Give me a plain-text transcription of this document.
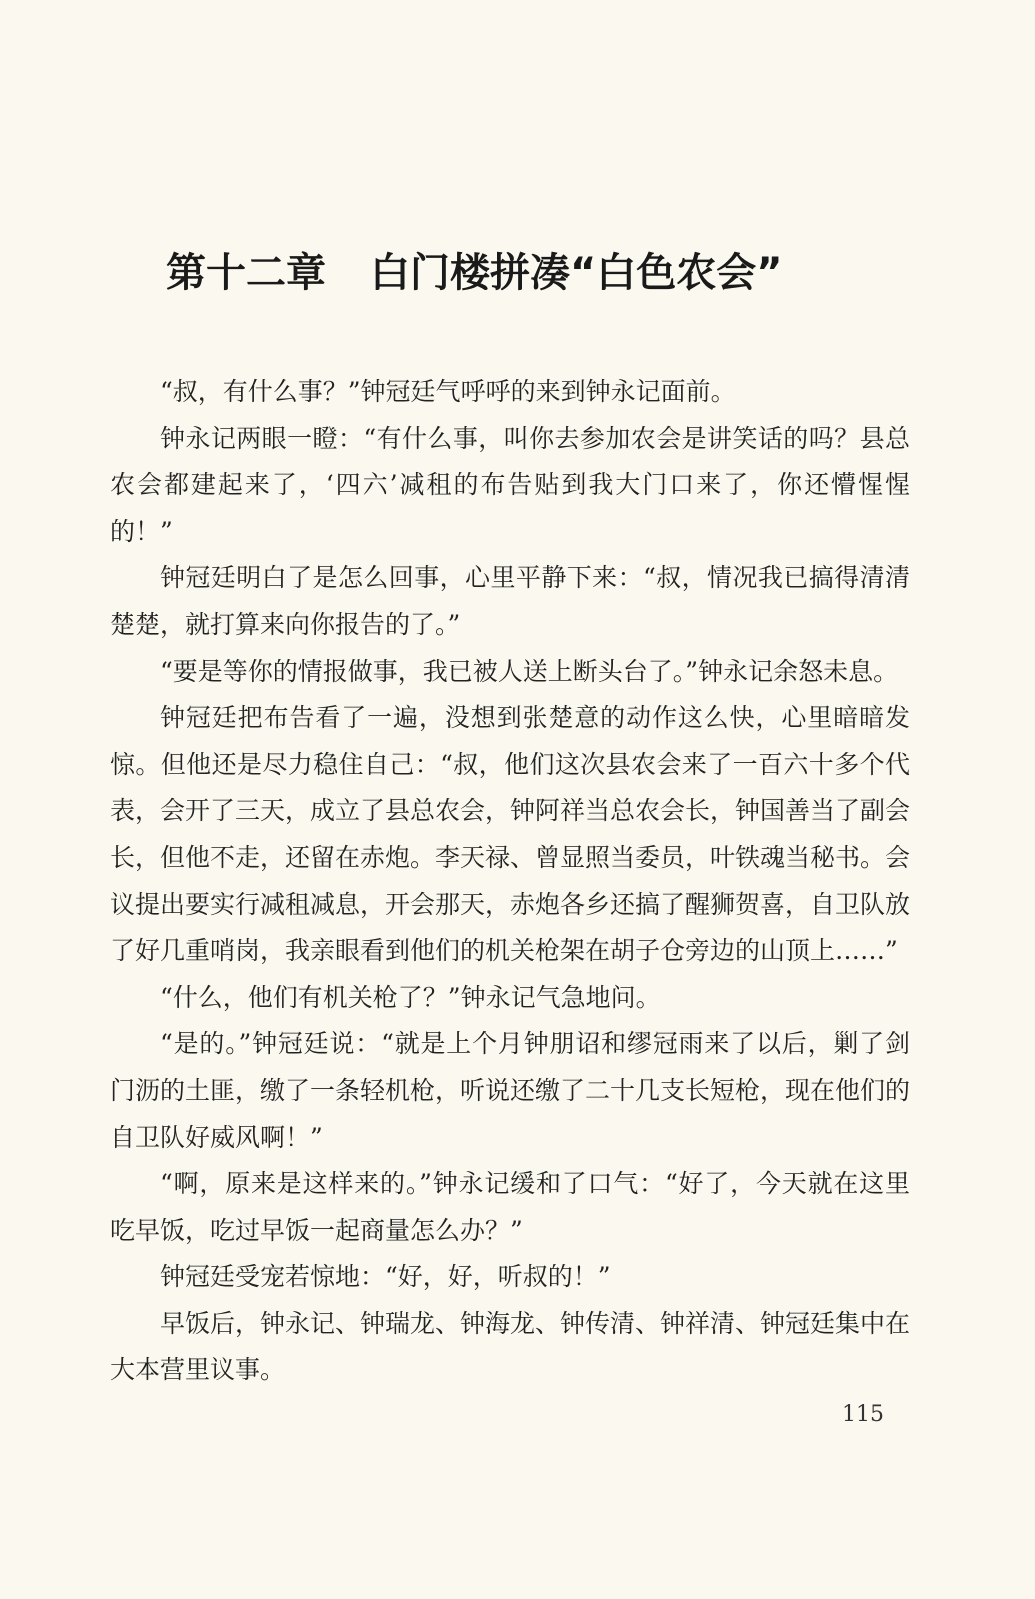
第十二章 白门楼拼凑“白色农会”

“叔，有什么事？”钟冠廷气呼呼的来到钟永记面前。

钟永记两眼一瞪：“有什么事，叫你去参加农会是讲笑话的吗？县总农会都建起来了，‘四六’减租的布告贴到我大门口来了，你还懵惺惺的！”

钟冠廷明白了是怎么回事，心里平静下来：“叔，情况我已搞得清清楚楚，就打算来向你报告的了。”

“要是等你的情报做事，我已被人送上断头台了。”钟永记余怒未息。

钟冠廷把布告看了一遍，没想到张楚意的动作这么快，心里暗暗发惊。但他还是尽力稳住自己：“叔，他们这次县农会来了一百六十多个代表，会开了三天，成立了县总农会，钟阿祥当总农会长，钟国善当了副会长，但他不走，还留在赤炮。李天禄、曾显照当委员，叶铁魂当秘书。会议提出要实行减租减息，开会那天，赤炮各乡还搞了醒狮贺喜，自卫队放了好几重哨岗，我亲眼看到他们的机关枪架在胡子仓旁边的山顶上……”

“什么，他们有机关枪了？”钟永记气急地问。

“是的。”钟冠廷说：“就是上个月钟朋诏和缪冠雨来了以后，剿了剑门沥的土匪，缴了一条轻机枪，听说还缴了二十几支长短枪，现在他们的自卫队好威风啊！”

“啊，原来是这样来的。”钟永记缓和了口气：“好了，今天就在这里吃早饭，吃过早饭一起商量怎么办？”

钟冠廷受宠若惊地：“好，好，听叔的！”

早饭后，钟永记、钟瑞龙、钟海龙、钟传清、钟祥清、钟冠廷集中在大本营里议事。

115
